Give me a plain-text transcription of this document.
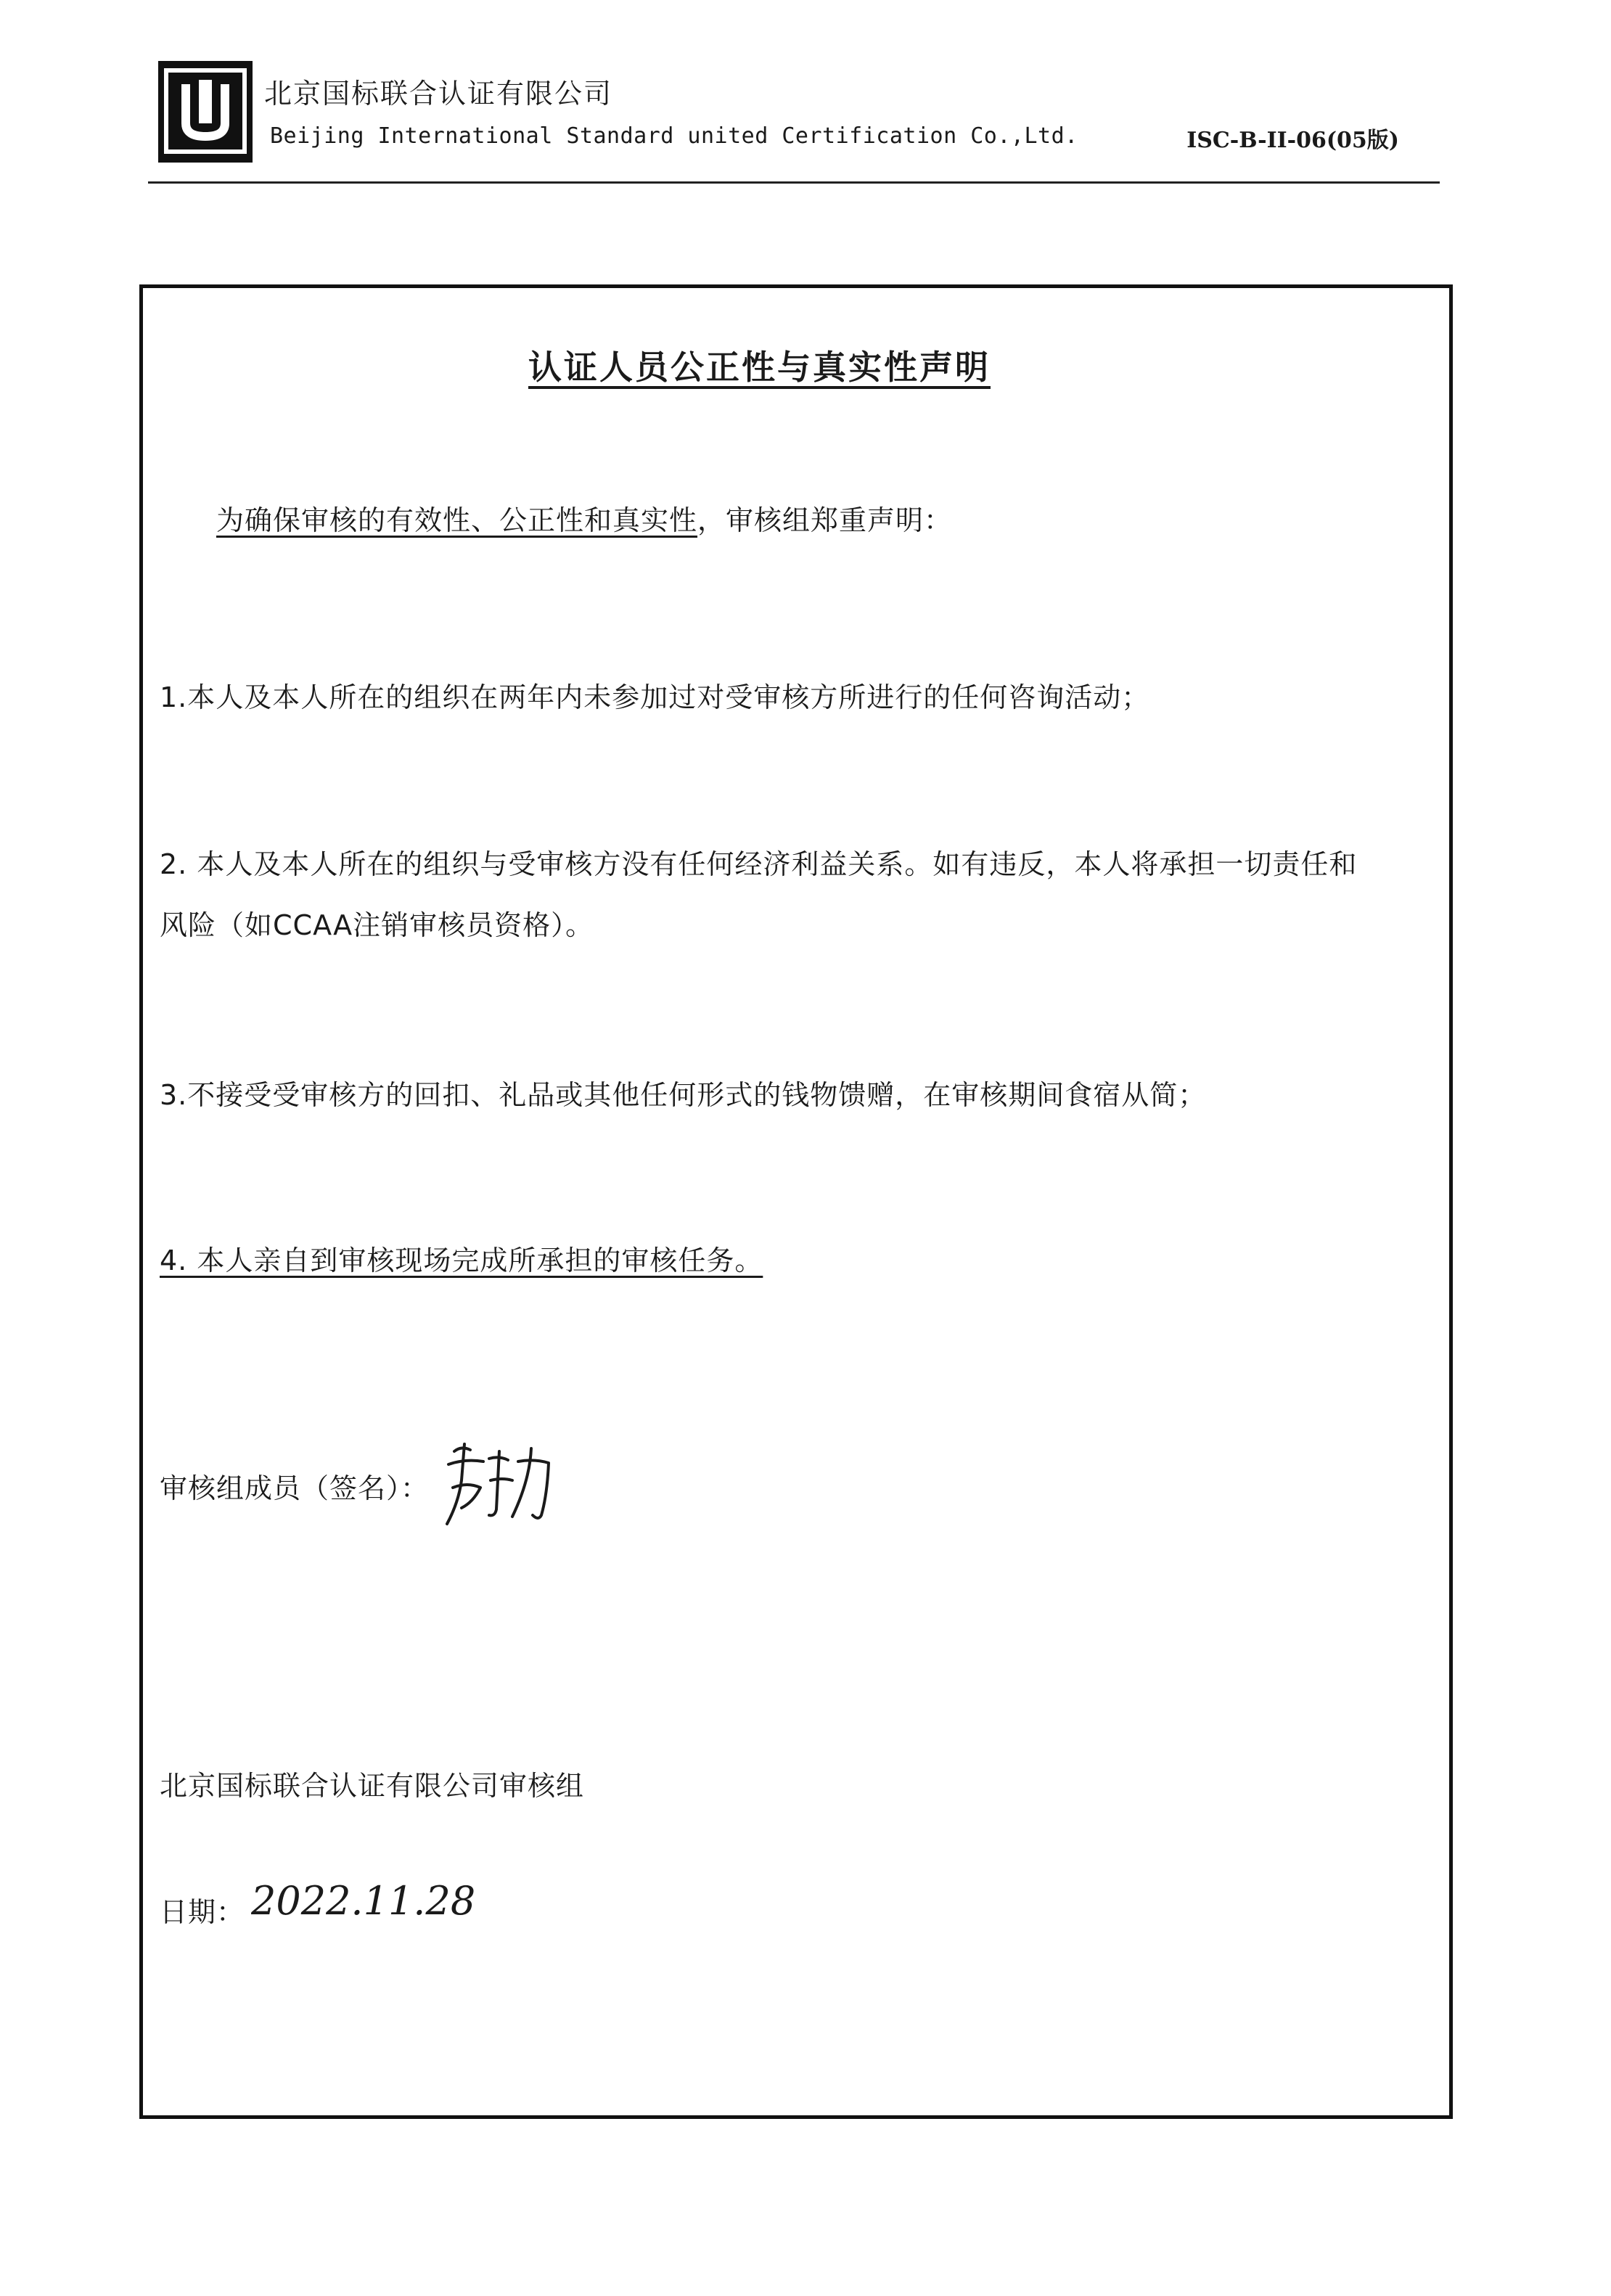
北京国标联合认证有限公司
Beijing International Standard united Certification Co.,Ltd.	ISC-B-II-06(05版)
认证人员公正性与真实性声明
为确保审核的有效性、公正性和真实性，审核组郑重声明：
1.本人及本人所在的组织在两年内未参加过对受审核方所进行的任何咨询活动；
2. 本人及本人所在的组织与受审核方没有任何经济利益关系。如有违反，本人将承担一切责任和
风险（如CCAA注销审核员资格）。
3.不接受受审核方的回扣、礼品或其他任何形式的钱物馈赠，在审核期间食宿从简；
4. 本人亲自到审核现场完成所承担的审核任务。
审核组成员（签名）：
北京国标联合认证有限公司审核组
日期： 2022.11.28
